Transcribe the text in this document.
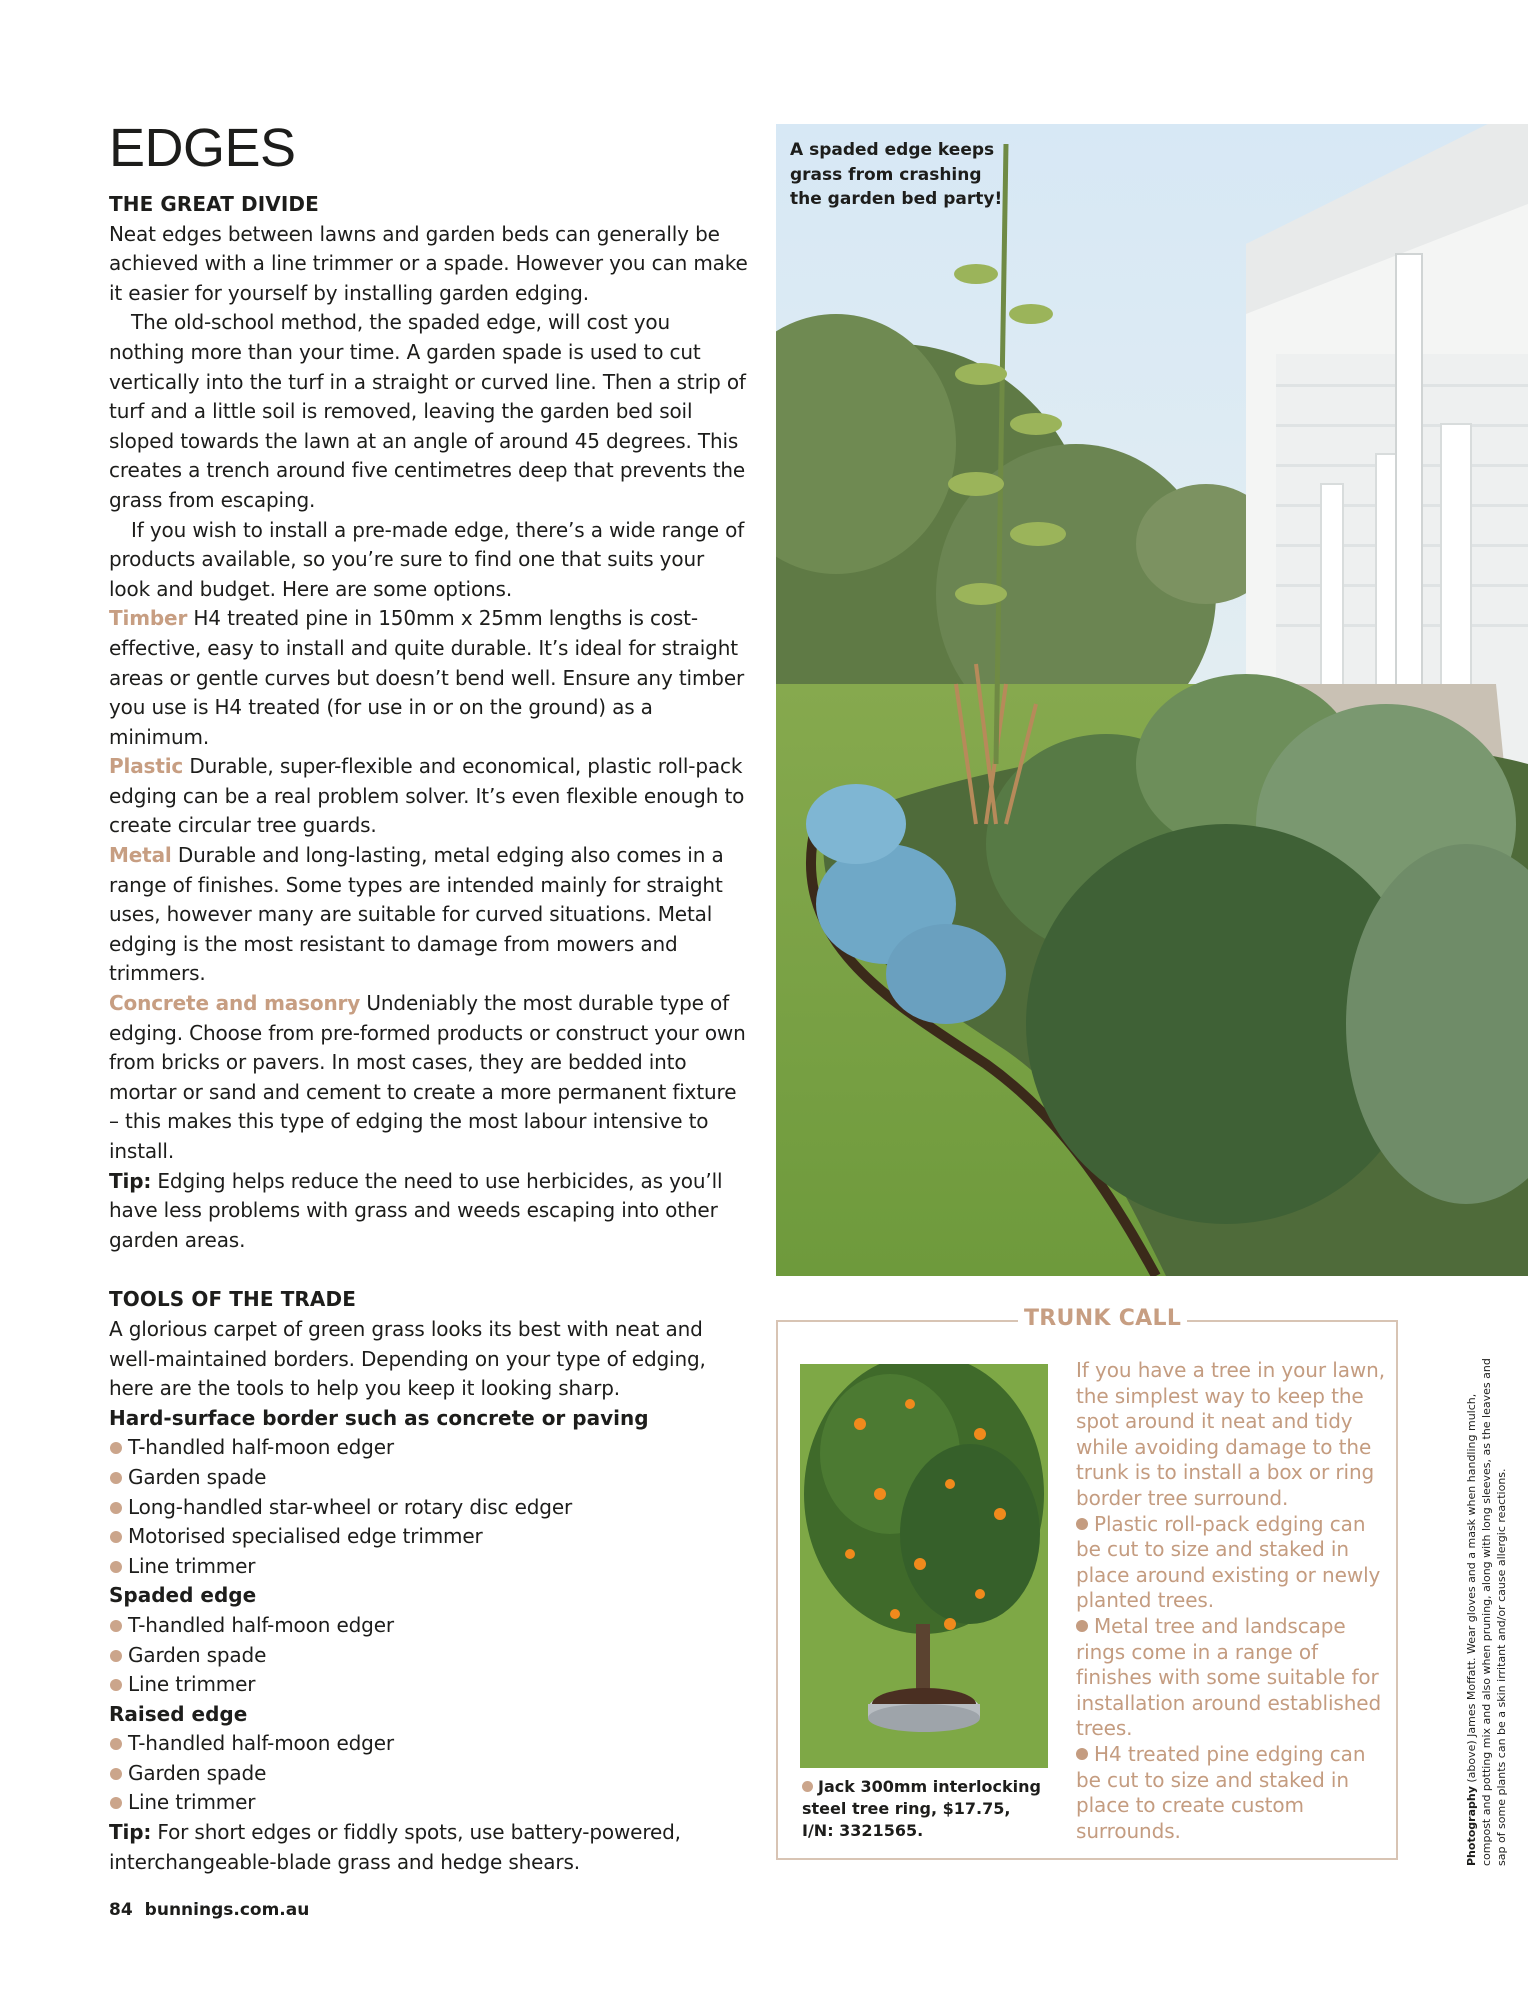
EDGES
THE GREAT DIVIDE

Neat edges between lawns and garden beds can generally be achieved with a line trimmer or a spade. However you can make it easier for yourself by installing garden edging.

The old-school method, the spaded edge, will cost you nothing more than your time. A garden spade is used to cut vertically into the turf in a straight or curved line. Then a strip of turf and a little soil is removed, leaving the garden bed soil sloped towards the lawn at an angle of around 45 degrees. This creates a trench around five centimetres deep that prevents the grass from escaping.

If you wish to install a pre-made edge, there’s a wide range of products available, so you’re sure to find one that suits your look and budget. Here are some options.

Timber H4 treated pine in 150mm x 25mm lengths is cost-effective, easy to install and quite durable. It’s ideal for straight areas or gentle curves but doesn’t bend well. Ensure any timber you use is H4 treated (for use in or on the ground) as a minimum.

Plastic Durable, super-flexible and economical, plastic roll-pack edging can be a real problem solver. It’s even flexible enough to create circular tree guards.

Metal Durable and long-lasting, metal edging also comes in a range of finishes. Some types are intended mainly for straight uses, however many are suitable for curved situations. Metal edging is the most resistant to damage from mowers and trimmers.

Concrete and masonry Undeniably the most durable type of edging. Choose from pre-formed products or construct your own from bricks or pavers. In most cases, they are bedded into mortar or sand and cement to create a more permanent fixture – this makes this type of edging the most labour intensive to install.

Tip: Edging helps reduce the need to use herbicides, as you’ll have less problems with grass and weeds escaping into other garden areas.

TOOLS OF THE TRADE

A glorious carpet of green grass looks its best with neat and well-maintained borders. Depending on your type of edging, here are the tools to help you keep it looking sharp.

Hard-surface border such as concrete or paving

T-handled half-moon edger
Garden spade
Long-handled star-wheel or rotary disc edger
Motorised specialised edge trimmer
Line trimmer

Spaded edge

T-handled half-moon edger
Garden spade
Line trimmer

Raised edge

T-handled half-moon edger
Garden spade
Line trimmer

Tip: For short edges or fiddly spots, use battery-powered, interchangeable-blade grass and hedge shears.

84 bunnings.com.au
A spaded edge keeps grass from crashing the garden bed party!
TRUNK CALL
Jack 300mm interlocking steel tree ring, $17.75, I/N: 3321565.

If you have a tree in your lawn, the simplest way to keep the spot around it neat and tidy while avoiding damage to the trunk is to install a box or ring border tree surround.

Plastic roll-pack edging can be cut to size and staked in place around existing or newly planted trees.

Metal tree and landscape rings come in a range of finishes with some suitable for installation around established trees.

H4 treated pine edging can be cut to size and staked in place to create custom surrounds.	Photography (above) James Moffatt. Wear gloves and a mask when handling mulch, compost and potting mix and also when pruning, along with long sleeves, as the leaves and sap of some plants can be a skin irritant and/or cause allergic reactions.
